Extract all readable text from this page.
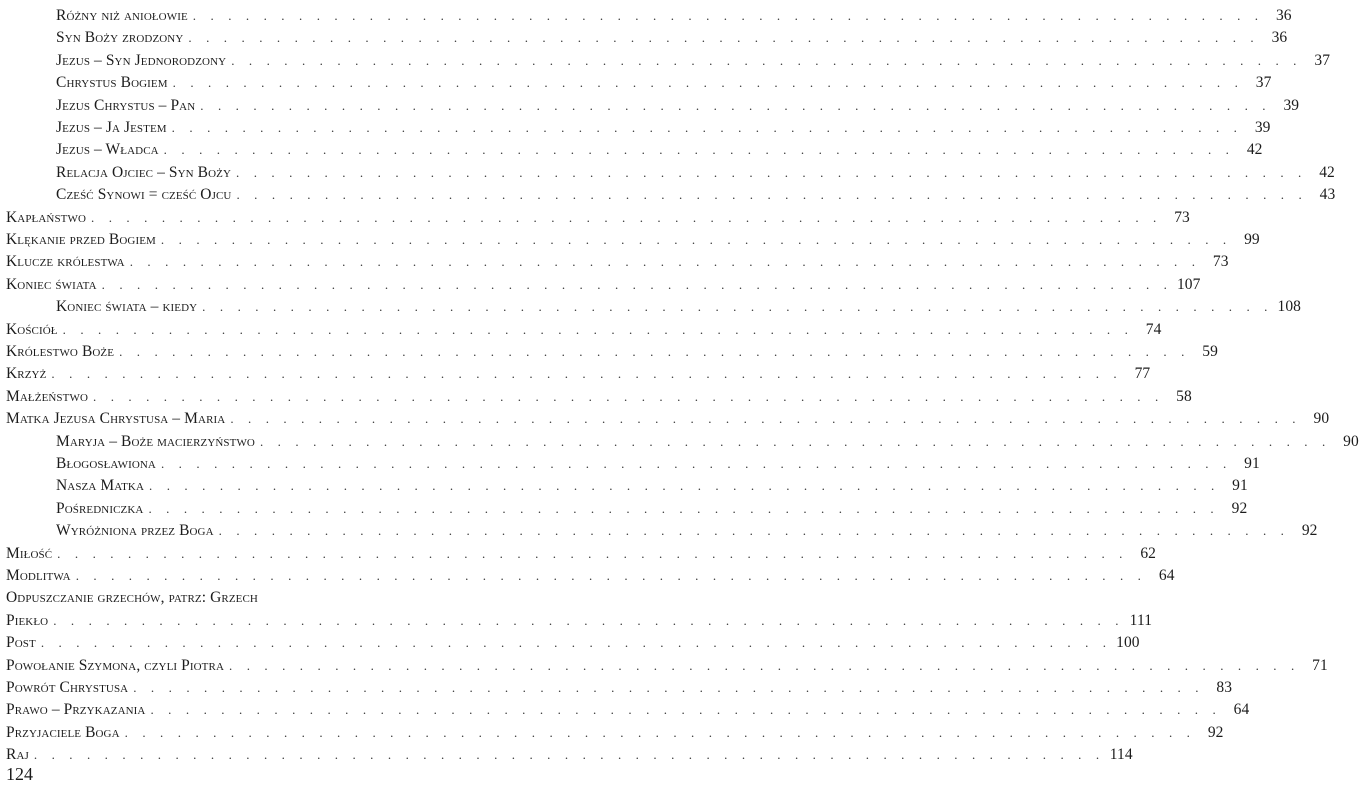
Różny niż aniołowie . . . . . . . . . . . . . . . . . . . . . . . . . . . . . . . . . . . . . . . . . . . . . . . . . . . . . . . . . . . . . 36
Syn Boży zrodzony . . . . . . . . . . . . . . . . . . . . . . . . . . . . . . . . . . . . . . . . . . . . . . . . . . . . . . . . . . . . . 36
Jezus – Syn Jednorodzony . . . . . . . . . . . . . . . . . . . . . . . . . . . . . . . . . . . . . . . . . . . . . . . . . . . . . . . . . . . . . 37
Chrystus Bogiem . . . . . . . . . . . . . . . . . . . . . . . . . . . . . . . . . . . . . . . . . . . . . . . . . . . . . . . . . . . . . 37
Jezus Chrystus – Pan . . . . . . . . . . . . . . . . . . . . . . . . . . . . . . . . . . . . . . . . . . . . . . . . . . . . . . . . . . . . . 39
Jezus – Ja Jestem . . . . . . . . . . . . . . . . . . . . . . . . . . . . . . . . . . . . . . . . . . . . . . . . . . . . . . . . . . . . . 39
Jezus – Władca . . . . . . . . . . . . . . . . . . . . . . . . . . . . . . . . . . . . . . . . . . . . . . . . . . . . . . . . . . . . . 42
Relacja Ojciec – Syn Boży . . . . . . . . . . . . . . . . . . . . . . . . . . . . . . . . . . . . . . . . . . . . . . . . . . . . . . . . . . . . . 42
Cześć Synowi = cześć Ojcu . . . . . . . . . . . . . . . . . . . . . . . . . . . . . . . . . . . . . . . . . . . . . . . . . . . . . . . . . . . . . 43
Kapłaństwo . . . . . . . . . . . . . . . . . . . . . . . . . . . . . . . . . . . . . . . . . . . . . . . . . . . . . . . . . . . . . 73
Klękanie przed Bogiem . . . . . . . . . . . . . . . . . . . . . . . . . . . . . . . . . . . . . . . . . . . . . . . . . . . . . . . . . . . . . 99
Klucze królestwa . . . . . . . . . . . . . . . . . . . . . . . . . . . . . . . . . . . . . . . . . . . . . . . . . . . . . . . . . . . . . 73
Koniec świata . . . . . . . . . . . . . . . . . . . . . . . . . . . . . . . . . . . . . . . . . . . . . . . . . . . . . . . . . . . . . 107
Koniec świata – kiedy . . . . . . . . . . . . . . . . . . . . . . . . . . . . . . . . . . . . . . . . . . . . . . . . . . . . . . . . . . . . . 108
Kościół . . . . . . . . . . . . . . . . . . . . . . . . . . . . . . . . . . . . . . . . . . . . . . . . . . . . . . . . . . . . . 74
Królestwo Boże . . . . . . . . . . . . . . . . . . . . . . . . . . . . . . . . . . . . . . . . . . . . . . . . . . . . . . . . . . . . . 59
Krzyż . . . . . . . . . . . . . . . . . . . . . . . . . . . . . . . . . . . . . . . . . . . . . . . . . . . . . . . . . . . . . 77
Małżeństwo . . . . . . . . . . . . . . . . . . . . . . . . . . . . . . . . . . . . . . . . . . . . . . . . . . . . . . . . . . . . . 58
Matka Jezusa Chrystusa – Maria . . . . . . . . . . . . . . . . . . . . . . . . . . . . . . . . . . . . . . . . . . . . . . . . . . . . . . . . . . . . . 90
Maryja – Boże macierzyństwo . . . . . . . . . . . . . . . . . . . . . . . . . . . . . . . . . . . . . . . . . . . . . . . . . . . . . . . . . . . . . 90
Błogosławiona . . . . . . . . . . . . . . . . . . . . . . . . . . . . . . . . . . . . . . . . . . . . . . . . . . . . . . . . . . . . . 91
Nasza Matka . . . . . . . . . . . . . . . . . . . . . . . . . . . . . . . . . . . . . . . . . . . . . . . . . . . . . . . . . . . . . 91
Pośredniczka . . . . . . . . . . . . . . . . . . . . . . . . . . . . . . . . . . . . . . . . . . . . . . . . . . . . . . . . . . . . . 92
Wyróżniona przez Boga . . . . . . . . . . . . . . . . . . . . . . . . . . . . . . . . . . . . . . . . . . . . . . . . . . . . . . . . . . . . . 92
Miłość . . . . . . . . . . . . . . . . . . . . . . . . . . . . . . . . . . . . . . . . . . . . . . . . . . . . . . . . . . . . . 62
Modlitwa . . . . . . . . . . . . . . . . . . . . . . . . . . . . . . . . . . . . . . . . . . . . . . . . . . . . . . . . . . . . . 64
Odpuszczanie grzechów, patrz: Grzech
Piekło . . . . . . . . . . . . . . . . . . . . . . . . . . . . . . . . . . . . . . . . . . . . . . . . . . . . . . . . . . . . . 111
Post . . . . . . . . . . . . . . . . . . . . . . . . . . . . . . . . . . . . . . . . . . . . . . . . . . . . . . . . . . . . . 100
Powołanie Szymona, czyli Piotra . . . . . . . . . . . . . . . . . . . . . . . . . . . . . . . . . . . . . . . . . . . . . . . . . . . . . . . . . . . . . 71
Powrót Chrystusa . . . . . . . . . . . . . . . . . . . . . . . . . . . . . . . . . . . . . . . . . . . . . . . . . . . . . . . . . . . . . 83
Prawo – Przykazania . . . . . . . . . . . . . . . . . . . . . . . . . . . . . . . . . . . . . . . . . . . . . . . . . . . . . . . . . . . . . 64
Przyjaciele Boga . . . . . . . . . . . . . . . . . . . . . . . . . . . . . . . . . . . . . . . . . . . . . . . . . . . . . . . . . . . . . 92
Raj . . . . . . . . . . . . . . . . . . . . . . . . . . . . . . . . . . . . . . . . . . . . . . . . . . . . . . . . . . . . . 114
124
